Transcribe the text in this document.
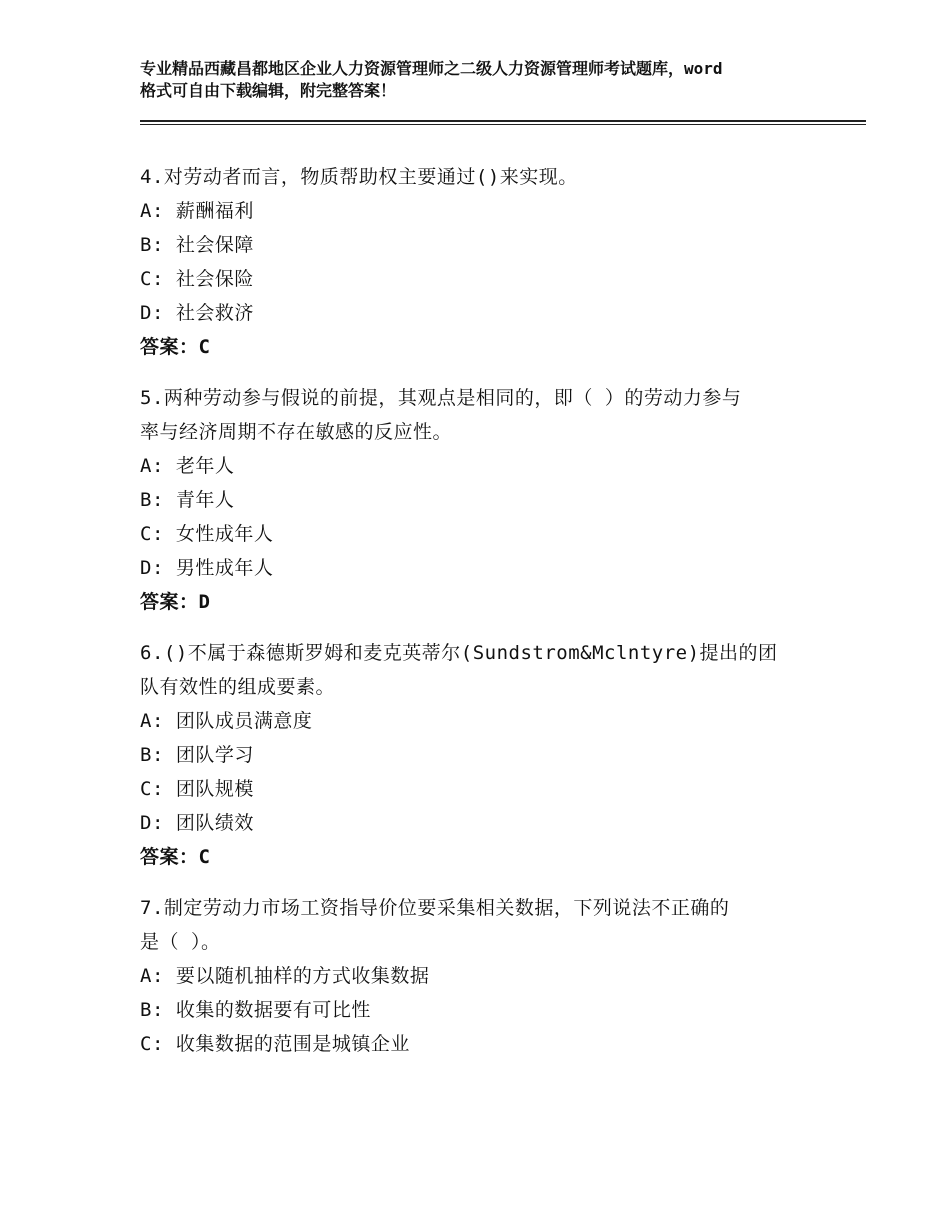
专业精品西藏昌都地区企业人力资源管理师之二级人力资源管理师考试题库，word
格式可自由下载编辑，附完整答案！
4.对劳动者而言，物质帮助权主要通过()来实现。
A: 薪酬福利
B: 社会保障
C: 社会保险
D: 社会救济
答案：C
5.两种劳动参与假说的前提，其观点是相同的，即（ ）的劳动力参与
率与经济周期不存在敏感的反应性。
A: 老年人
B: 青年人
C: 女性成年人
D: 男性成年人
答案：D
6.()不属于森德斯罗姆和麦克英蒂尔(Sundstrom&Mclntyre)提出的团
队有效性的组成要素。
A: 团队成员满意度
B: 团队学习
C: 团队规模
D: 团队绩效
答案：C
7.制定劳动力市场工资指导价位要采集相关数据，下列说法不正确的
是（ ）。
A: 要以随机抽样的方式收集数据
B: 收集的数据要有可比性
C: 收集数据的范围是城镇企业
